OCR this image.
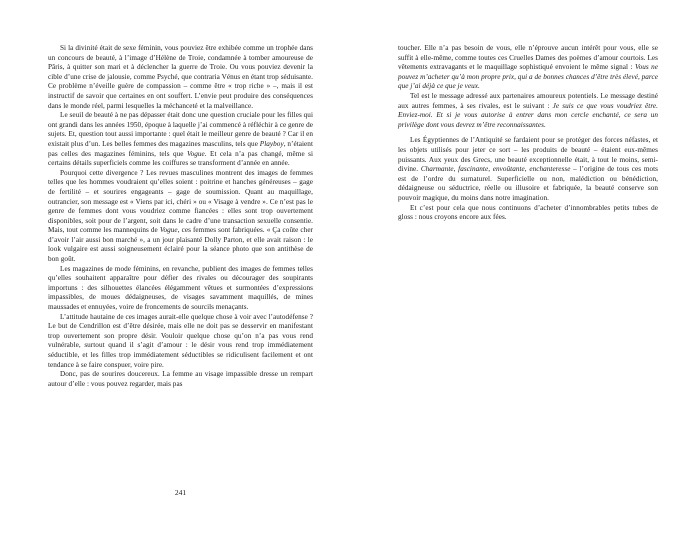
Si la divinité était de sexe féminin, vous pouviez être exhibée comme un trophée dans un concours de beauté, à l’image d’Hélène de Troie, condamnée à tomber amoureuse de Pâris, à quitter son mari et à déclencher la guerre de Troie. Ou vous pouviez devenir la cible d’une crise de jalousie, comme Psyché, que contraria Vénus en étant trop séduisante. Ce problème n’éveille guère de compassion – comme être « trop riche » –, mais il est instructif de savoir que certaines en ont souffert. L’envie peut produire des conséquences dans le monde réel, parmi lesquelles la méchanceté et la malveillance.

Le seuil de beauté à ne pas dépasser était donc une question cruciale pour les filles qui ont grandi dans les années 1950, époque à laquelle j’ai commencé à réfléchir à ce genre de sujets. Et, question tout aussi importante : quel était le meilleur genre de beauté ? Car il en existait plus d’un. Les belles femmes des magazines masculins, tels que Playboy, n’étaient pas celles des magazines féminins, tels que Vogue. Et cela n’a pas changé, même si certains détails superficiels comme les coiffures se transforment d’année en année.

Pourquoi cette divergence ? Les revues masculines montrent des images de femmes telles que les hommes voudraient qu’elles soient : poitrine et hanches généreuses – gage de fertilité – et sourires engageants – gage de soumission. Quant au maquillage, outrancier, son message est « Viens par ici, chéri » ou « Visage à vendre ». Ce n’est pas le genre de femmes dont vous voudriez comme fiancées : elles sont trop ouvertement disponibles, soit pour de l’argent, soit dans le cadre d’une transaction sexuelle consentie. Mais, tout comme les mannequins de Vogue, ces femmes sont fabriquées. « Ça coûte cher d’avoir l’air aussi bon marché », a un jour plaisanté Dolly Parton, et elle avait raison : le look vulgaire est aussi soigneusement éclairé pour la séance photo que son antithèse de bon goût.

Les magazines de mode féminins, en revanche, publient des images de femmes telles qu’elles souhaitent apparaître pour défier des rivales ou décourager des soupirants importuns : des silhouettes élancées élégamment vêtues et surmontées d’expressions impassibles, de moues dédaigneuses, de visages savamment maquillés, de mines maussades et ennuyées, voire de froncements de sourcils menaçants.

L’attitude hautaine de ces images aurait-elle quelque chose à voir avec l’autodéfense ? Le but de Cendrillon est d’être désirée, mais elle ne doit pas se desservir en manifestant trop ouvertement son propre désir. Vouloir quelque chose qu’on n’a pas vous rend vulnérable, surtout quand il s’agit d’amour : le désir vous rend trop immédiatement séductible, et les filles trop immédiatement séductibles se ridiculisent facilement et ont tendance à se faire conspuer, voire pire.

Donc, pas de sourires doucereux. La femme au visage impassible dresse un rempart autour d’elle : vous pouvez regarder, mais pas

241

toucher. Elle n’a pas besoin de vous, elle n’éprouve aucun intérêt pour vous, elle se suffit à elle-même, comme toutes ces Cruelles Dames des poèmes d’amour courtois. Les vêtements extravagants et le maquillage sophistiqué envoient le même signal : Vous ne pouvez m’acheter qu’à mon propre prix, qui a de bonnes chances d’être très élevé, parce que j’ai déjà ce que je veux.

Tel est le message adressé aux partenaires amoureux potentiels. Le message destiné aux autres femmes, à ses rivales, est le suivant : Je suis ce que vous voudriez être. Enviez-moi. Et si je vous autorise à entrer dans mon cercle enchanté, ce sera un privilège dont vous devrez m’être reconnaissantes.

Les Égyptiennes de l’Antiquité se fardaient pour se protéger des forces néfastes, et les objets utilisés pour jeter ce sort – les produits de beauté – étaient eux-mêmes puissants. Aux yeux des Grecs, une beauté exceptionnelle était, à tout le moins, semi-divine. Charmante, fascinante, envoûtante, enchanteresse – l’origine de tous ces mots est de l’ordre du surnaturel. Superficielle ou non, malédiction ou bénédiction, dédaigneuse ou séductrice, réelle ou illusoire et fabriquée, la beauté conserve son pouvoir magique, du moins dans notre imagination.

Et c’est pour cela que nous continuons d’acheter d’innombrables petits tubes de gloss : nous croyons encore aux fées.
